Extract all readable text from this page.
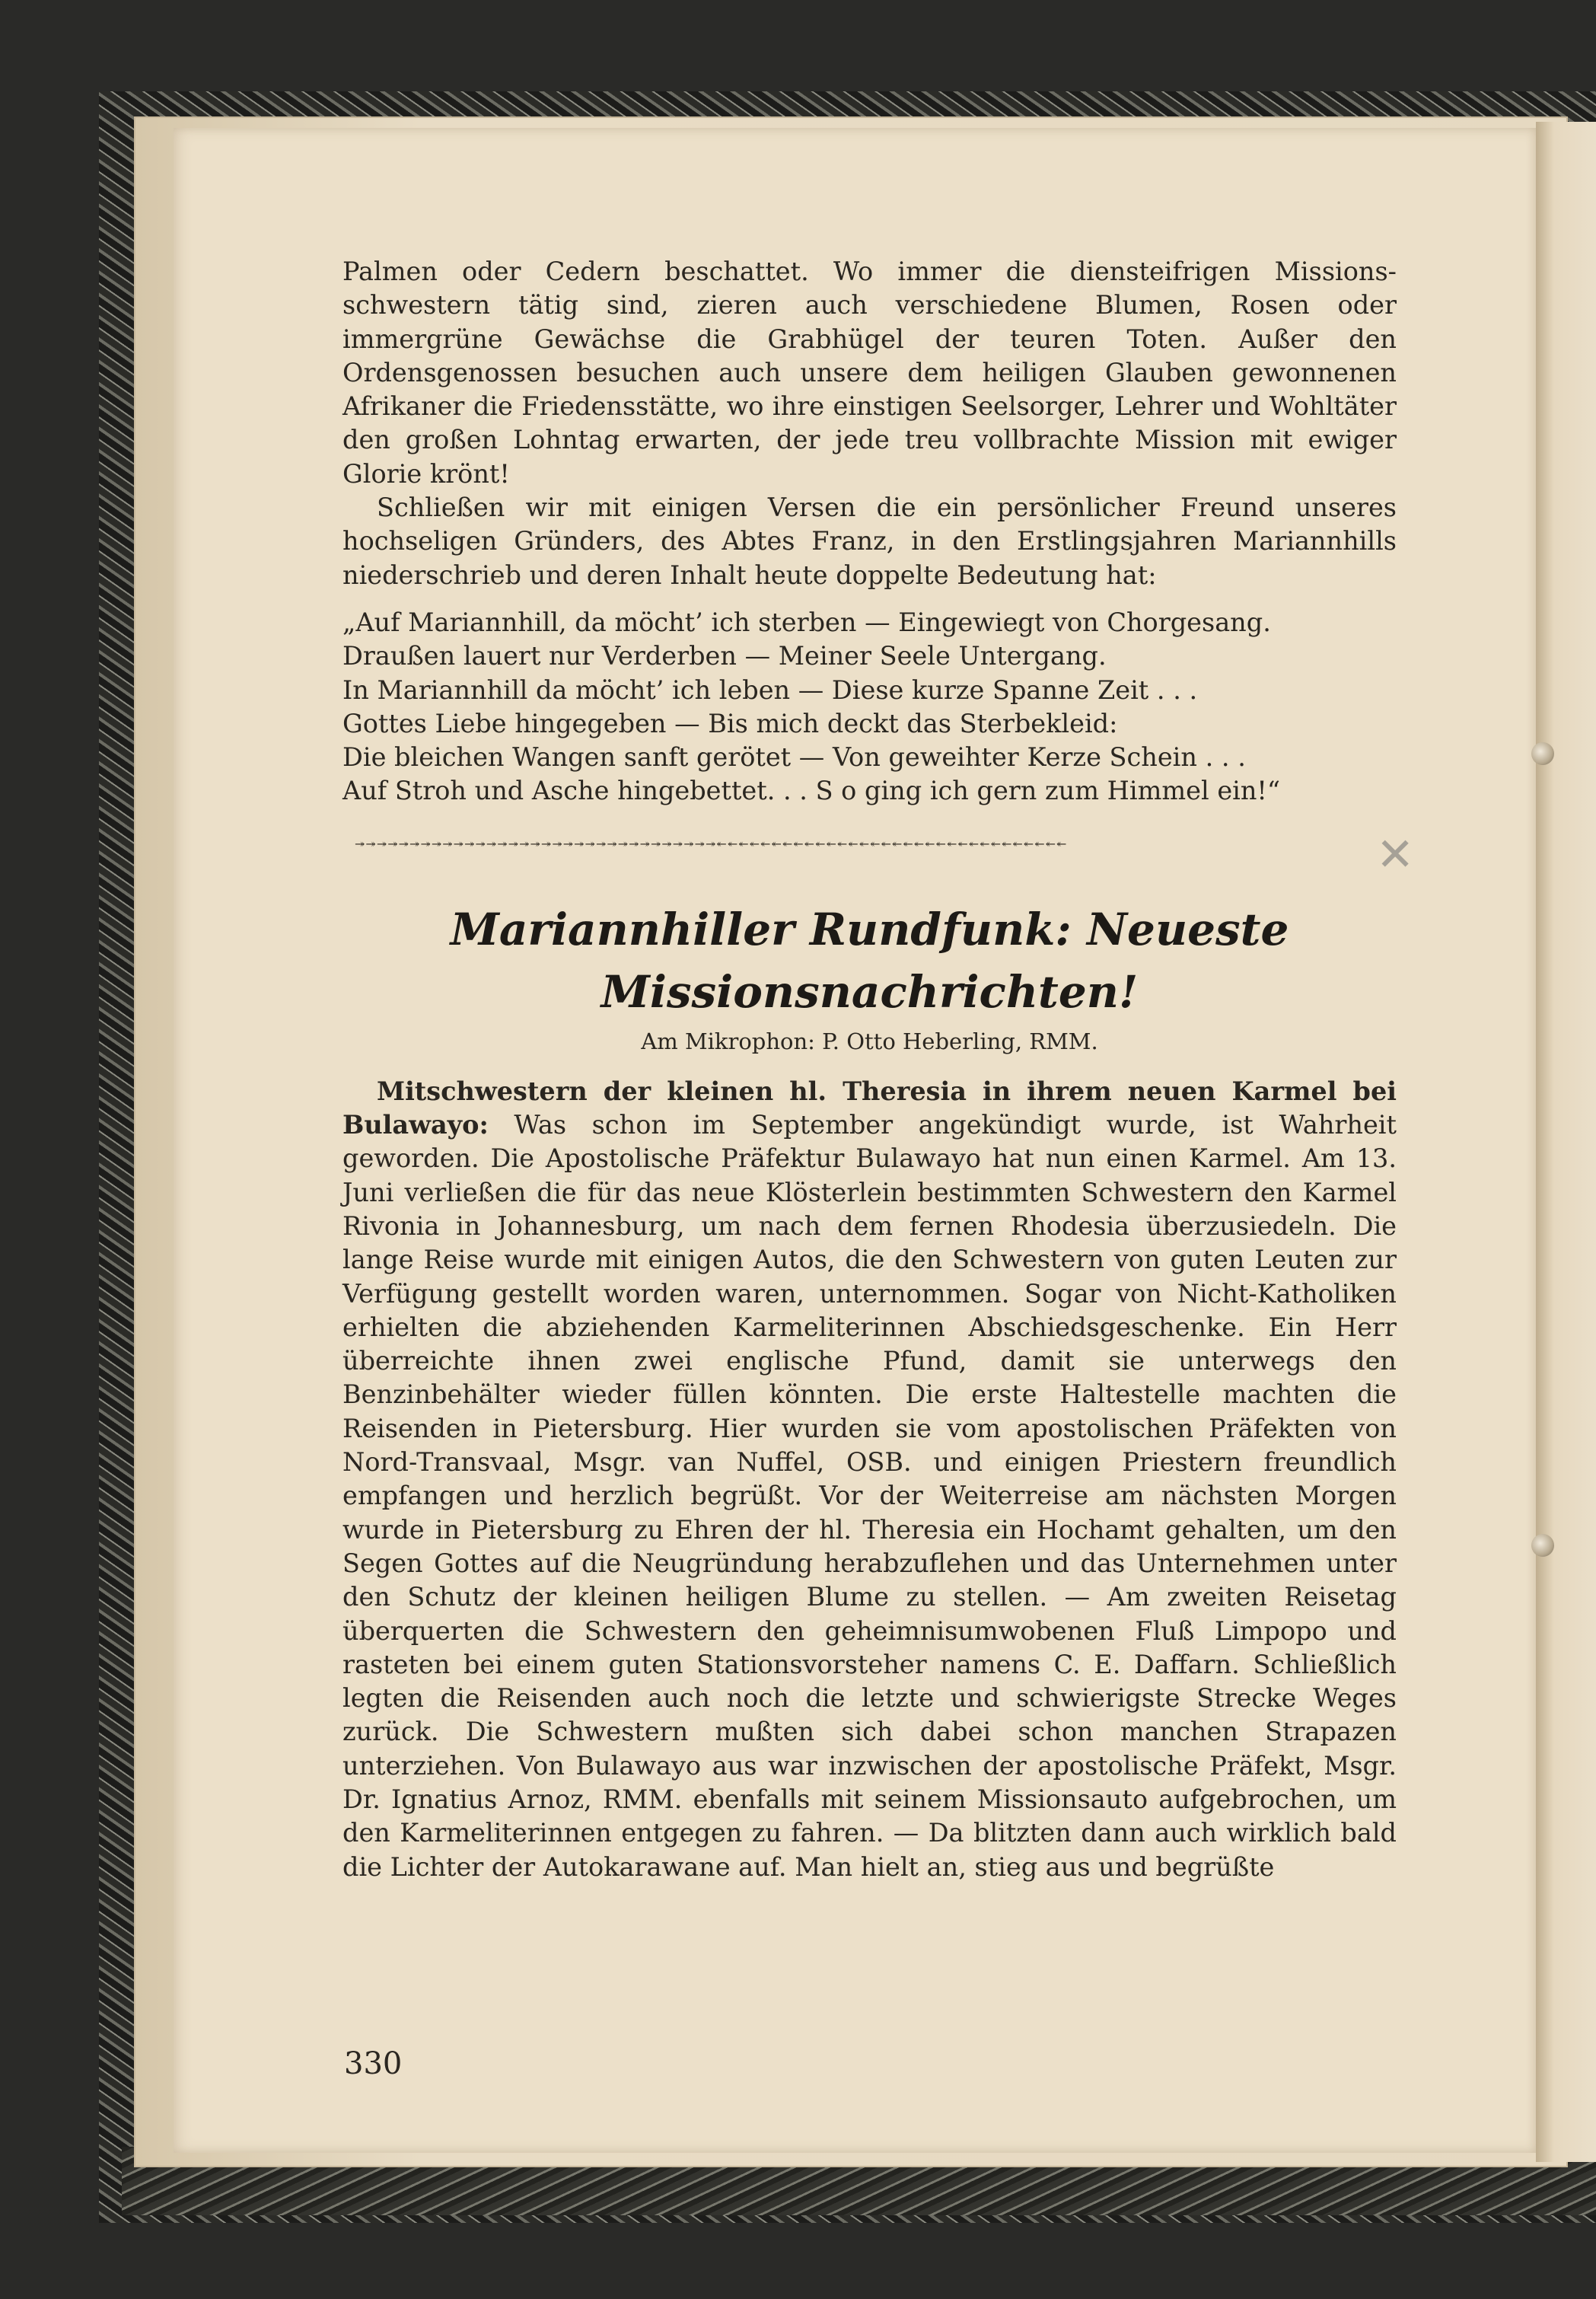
Palmen oder Cedern beschattet. Wo immer die diensteifrigen Missionsschwestern tätig sind, zieren auch verschiedene Blumen, Rosen oder immergrüne Gewächse die Grabhügel der teuren Toten. Außer den Ordensgenossen besuchen auch unsere dem heiligen Glauben gewonnenen Afrikaner die Friedensstätte, wo ihre einstigen Seelsorger, Lehrer und Wohltäter den großen Lohntag erwarten, der jede treu vollbrachte Mission mit ewiger Glorie krönt!

Schließen wir mit einigen Versen die ein persönlicher Freund unseres hochseligen Gründers, des Abtes Franz, in den Erstlingsjahren Mariannhills niederschrieb und deren Inhalt heute doppelte Bedeutung hat:

„Auf Mariannhill, da möcht’ ich sterben — Eingewiegt von Chorgesang.
Draußen lauert nur Verderben — Meiner Seele Untergang.
In Mariannhill da möcht’ ich leben — Diese kurze Spanne Zeit . . .
Gottes Liebe hingegeben — Bis mich deckt das Sterbekleid:
Die bleichen Wangen sanft gerötet — Von geweihter Kerze Schein . . .
Auf Stroh und Asche hingebettet. . . S o ging ich gern zum Himmel ein!“
↠↠↠↠↠↠↠↠↠↠↠↠↠↠↠↠↠↠↠↠↠↠↠↠↠↠↠↠↠↠↠↠↠↞↞↞↞↞↞↞↞↞↞↞↞↞↞↞↞↞↞↞↞↞↞↞↞↞↞↞↞↞↞↞↞
Mariannhiller Rundfunk: Neueste
Missionsnachrichten!
Am Mikrophon: P. Otto Heberling, RMM.

Mitschwestern der kleinen hl. Theresia in ihrem neuen Karmel bei Bulawayo: Was schon im September angekündigt wurde, ist Wahrheit geworden. Die Apostolische Präfektur Bulawayo hat nun einen Karmel. Am 13. Juni verließen die für das neue Klösterlein bestimmten Schwestern den Karmel Rivonia in Johannesburg, um nach dem fernen Rhodesia überzusiedeln. Die lange Reise wurde mit einigen Autos, die den Schwestern von guten Leuten zur Verfügung gestellt worden waren, unternommen. Sogar von Nicht-Katholiken erhielten die abziehenden Karmeliterinnen Abschiedsgeschenke. Ein Herr überreichte ihnen zwei englische Pfund, damit sie unterwegs den Benzinbehälter wieder füllen könnten. Die erste Haltestelle machten die Reisenden in Pietersburg. Hier wurden sie vom apostolischen Präfekten von Nord-Transvaal, Msgr. van Nuffel, OSB. und einigen Priestern freundlich empfangen und herzlich begrüßt. Vor der Weiterreise am nächsten Morgen wurde in Pietersburg zu Ehren der hl. Theresia ein Hochamt gehalten, um den Segen Gottes auf die Neugründung herabzuflehen und das Unternehmen unter den Schutz der kleinen heiligen Blume zu stellen. — Am zweiten Reisetag überquerten die Schwestern den geheimnisumwobenen Fluß Limpopo und rasteten bei einem guten Stationsvorsteher namens C. E. Daffarn. Schließlich legten die Reisenden auch noch die letzte und schwierigste Strecke Weges zurück. Die Schwestern mußten sich dabei schon manchen Strapazen unterziehen. Von Bulawayo aus war inzwischen der apostolische Präfekt, Msgr. Dr. Ignatius Arnoz, RMM. ebenfalls mit seinem Missionsauto aufgebrochen, um den Karmeliterinnen entgegen zu fahren. — Da blitzten dann auch wirklich bald die Lichter der Autokarawane auf. Man hielt an, stieg aus und begrüßte

330
✕
